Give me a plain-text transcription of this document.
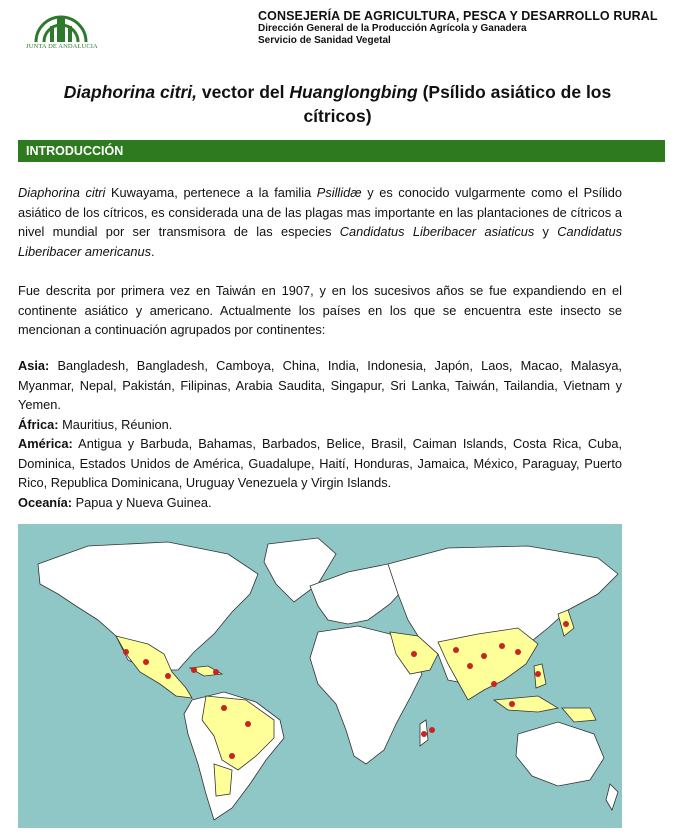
JUNTA DE ANDALUCIA
CONSEJERÍA DE AGRICULTURA, PESCA Y DESARROLLO RURAL
Dirección General de la Producción Agrícola y Ganadera
Servicio de Sanidad Vegetal
Diaphorina citri, vector del Huanglongbing (Psílido asiático de los
cítricos)
INTRODUCCIÓN
Diaphorina citri Kuwayama, pertenece a la familia Psillidæ y es conocido vulgarmente como el Psílido asiático de los cítricos, es considerada una de las plagas mas importante en las plantaciones de cítricos a nivel mundial por ser transmisora de las especies Candidatus Liberibacer asiaticus y Candidatus Liberibacer americanus.
Fue descrita por primera vez en Taiwán en 1907, y en los sucesivos años se fue expandiendo en el continente asiático y americano. Actualmente los países en los que se encuentra este insecto se mencionan a continuación agrupados por continentes:
Asia: Bangladesh, Bangladesh, Camboya, China, India, Indonesia, Japón, Laos, Macao, Malasya, Myanmar, Nepal, Pakistán, Filipinas, Arabia Saudita, Singapur, Sri Lanka, Taiwán, Tailandia, Vietnam y Yemen.
África: Mauritius, Réunion.
América: Antigua y Barbuda, Bahamas, Barbados, Belice, Brasil, Caiman Islands, Costa Rica, Cuba, Dominica, Estados Unidos de América, Guadalupe, Haití, Honduras, Jamaica, México, Paraguay, Puerto Rico, Republica Dominicana, Uruguay Venezuela y Virgin Islands.
Oceanía: Papua y Nueva Guinea.
